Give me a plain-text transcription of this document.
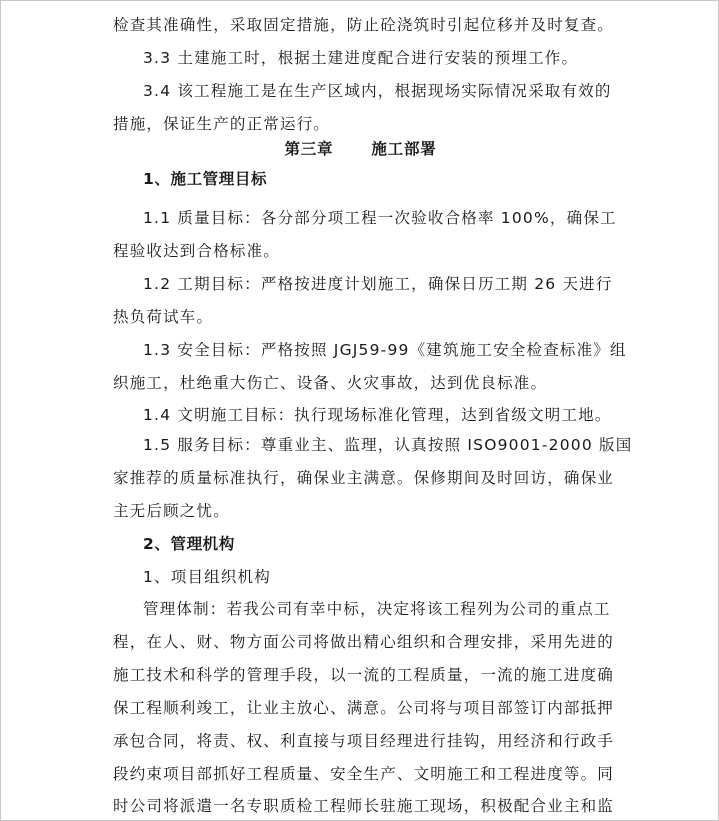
检查其准确性，采取固定措施，防止砼浇筑时引起位移并及时复查。
3.3 土建施工时，根据土建进度配合进行安装的预埋工作。
3.4 该工程施工是在生产区域内，根据现场实际情况采取有效的
措施，保证生产的正常运行。
第三章 施工部署
1、施工管理目标
1.1 质量目标：各分部分项工程一次验收合格率 100%，确保工
程验收达到合格标准。
1.2 工期目标：严格按进度计划施工，确保日历工期 26 天进行
热负荷试车。
1.3 安全目标：严格按照 JGJ59-99《建筑施工安全检查标准》组
织施工，杜绝重大伤亡、设备、火灾事故，达到优良标准。
1.4 文明施工目标：执行现场标准化管理，达到省级文明工地。
1.5 服务目标：尊重业主、监理，认真按照 ISO9001-2000 版国
家推荐的质量标准执行，确保业主满意。保修期间及时回访，确保业
主无后顾之忧。
2、管理机构
1、项目组织机构
管理体制：若我公司有幸中标，决定将该工程列为公司的重点工
程，在人、财、物方面公司将做出精心组织和合理安排，采用先进的
施工技术和科学的管理手段，以一流的工程质量，一流的施工进度确
保工程顺利竣工，让业主放心、满意。公司将与项目部签订内部抵押
承包合同，将责、权、利直接与项目经理进行挂钩，用经济和行政手
段约束项目部抓好工程质量、安全生产、文明施工和工程进度等。同
时公司将派遣一名专职质检工程师长驻施工现场，积极配合业主和监
